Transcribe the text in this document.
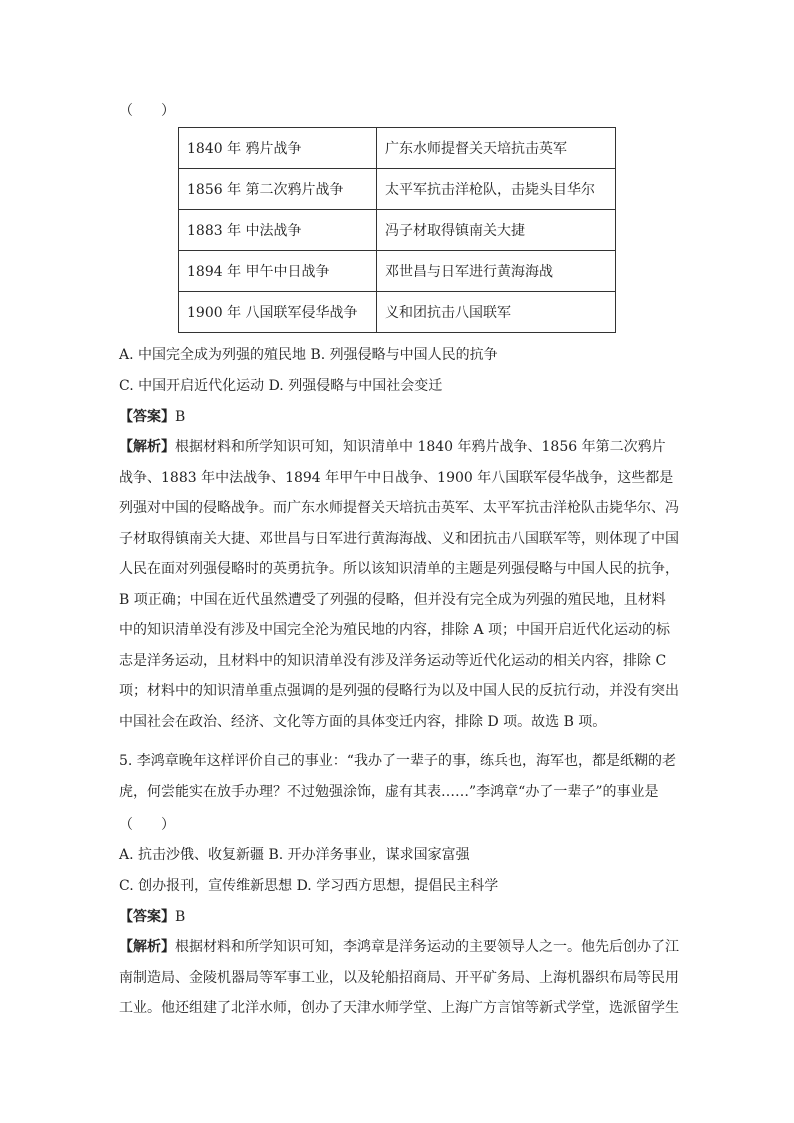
（　　）
1840 年 鸦片战争	广东水师提督关天培抗击英军
1856 年 第二次鸦片战争	太平军抗击洋枪队，击毙头目华尔
1883 年 中法战争	冯子材取得镇南关大捷
1894 年 甲午中日战争	邓世昌与日军进行黄海海战
1900 年 八国联军侵华战争	义和团抗击八国联军
A. 中国完全成为列强的殖民地 B. 列强侵略与中国人民的抗争
C. 中国开启近代化运动 D. 列强侵略与中国社会变迁
【答案】B
【解析】根据材料和所学知识可知，知识清单中 1840 年鸦片战争、1856 年第二次鸦片战争、1883 年中法战争、1894 年甲午中日战争、1900 年八国联军侵华战争，这些都是列强对中国的侵略战争。而广东水师提督关天培抗击英军、太平军抗击洋枪队击毙华尔、冯子材取得镇南关大捷、邓世昌与日军进行黄海海战、义和团抗击八国联军等，则体现了中国人民在面对列强侵略时的英勇抗争。所以该知识清单的主题是列强侵略与中国人民的抗争，B 项正确；中国在近代虽然遭受了列强的侵略，但并没有完全成为列强的殖民地，且材料中的知识清单没有涉及中国完全沦为殖民地的内容，排除 A 项；中国开启近代化运动的标志是洋务运动，且材料中的知识清单没有涉及洋务运动等近代化运动的相关内容，排除 C 项；材料中的知识清单重点强调的是列强的侵略行为以及中国人民的反抗行动，并没有突出中国社会在政治、经济、文化等方面的具体变迁内容，排除 D 项。故选 B 项。
5. 李鸿章晚年这样评价自己的事业：“我办了一辈子的事，练兵也，海军也，都是纸糊的老虎，何尝能实在放手办理？不过勉强涂饰，虚有其表……”李鸿章“办了一辈子”的事业是
（　　）
A. 抗击沙俄、收复新疆 B. 开办洋务事业，谋求国家富强
C. 创办报刊，宣传维新思想 D. 学习西方思想，提倡民主科学
【答案】B
【解析】根据材料和所学知识可知，李鸿章是洋务运动的主要领导人之一。他先后创办了江南制造局、金陵机器局等军事工业，以及轮船招商局、开平矿务局、上海机器织布局等民用工业。他还组建了北洋水师，创办了天津水师学堂、上海广方言馆等新式学堂，选派留学生
